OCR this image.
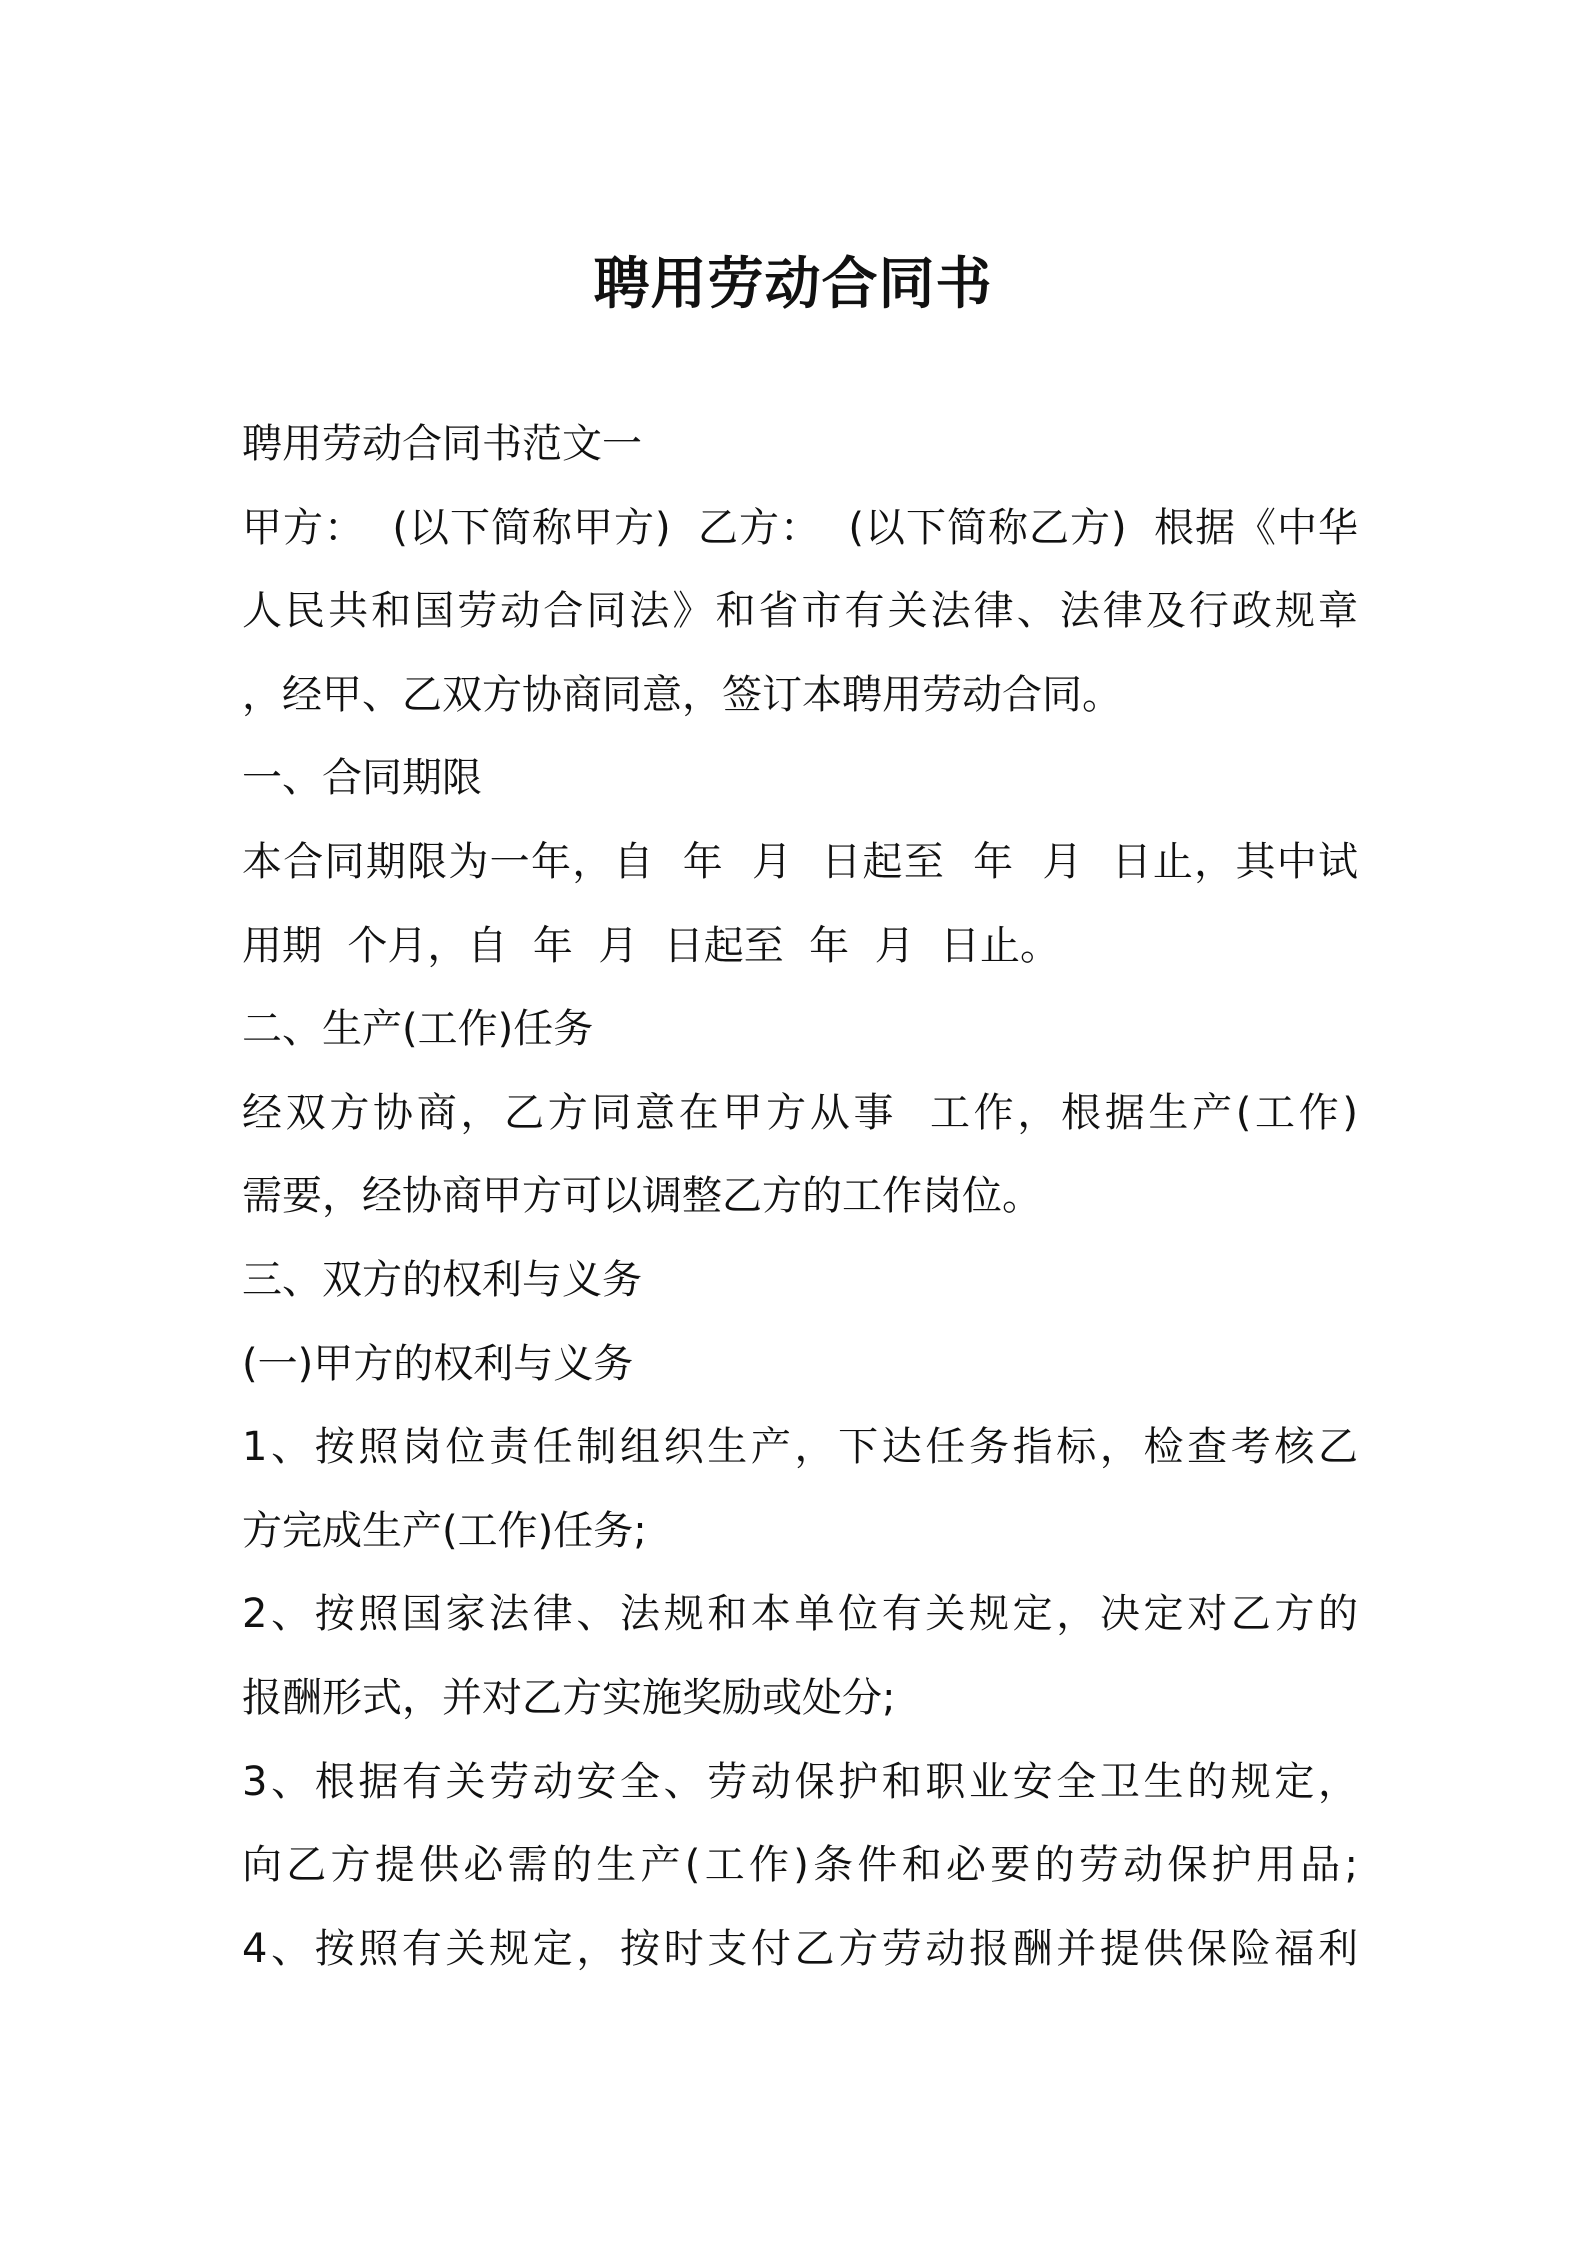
聘用劳动合同书

聘用劳动合同书范文一

甲方：  (以下简称甲方)  乙方：  (以下简称乙方)  根据《中华

人民共和国劳动合同法》和省市有关法律、法律及行政规章

，经甲、乙双方协商同意，签订本聘用劳动合同。

一、合同期限

本合同期限为一年，自  年  月  日起至  年  月  日止，其中试

用期  个月，自  年  月  日起至  年  月  日止。

二、生产(工作)任务

经双方协商，乙方同意在甲方从事  工作，根据生产(工作)

需要，经协商甲方可以调整乙方的工作岗位。

三、双方的权利与义务

(一)甲方的权利与义务

1、按照岗位责任制组织生产，下达任务指标，检查考核乙

方完成生产(工作)任务;

2、按照国家法律、法规和本单位有关规定，决定对乙方的

报酬形式，并对乙方实施奖励或处分;

3、根据有关劳动安全、劳动保护和职业安全卫生的规定，

向乙方提供必需的生产(工作)条件和必要的劳动保护用品;

4、按照有关规定，按时支付乙方劳动报酬并提供保险福利
